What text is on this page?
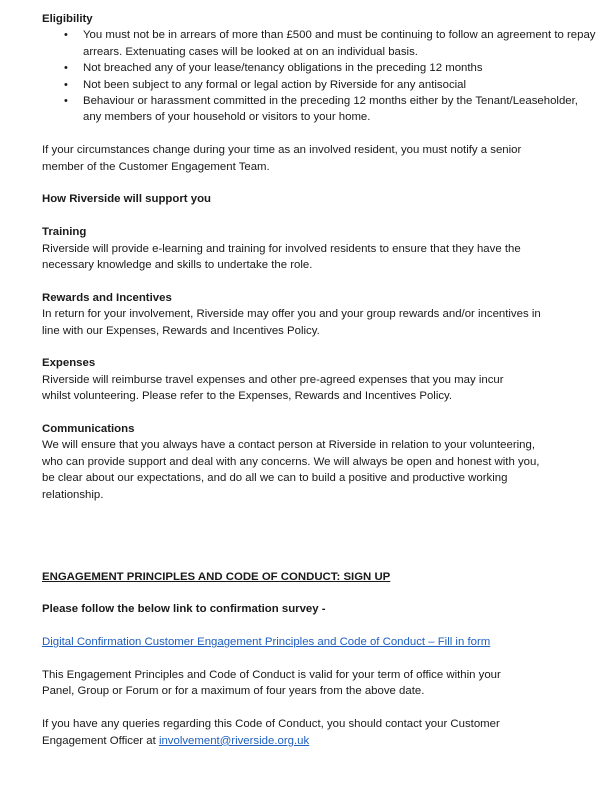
Eligibility

• You must not be in arrears of more than £500 and must be continuing to follow an agreement to repay arrears. Extenuating cases will be looked at on an individual basis.
• Not breached any of your lease/tenancy obligations in the preceding 12 months
• Not been subject to any formal or legal action by Riverside for any antisocial
• Behaviour or harassment committed in the preceding 12 months either by the Tenant/Leaseholder, any members of your household or visitors to your home.

If your circumstances change during your time as an involved resident, you must notify a senior member of the Customer Engagement Team.

How Riverside will support you

Training

Riverside will provide e-learning and training for involved residents to ensure that they have the necessary knowledge and skills to undertake the role.

Rewards and Incentives

In return for your involvement, Riverside may offer you and your group rewards and/or incentives in line with our Expenses, Rewards and Incentives Policy.

Expenses

Riverside will reimburse travel expenses and other pre-agreed expenses that you may incur whilst volunteering. Please refer to the Expenses, Rewards and Incentives Policy.

Communications

We will ensure that you always have a contact person at Riverside in relation to your volunteering, who can provide support and deal with any concerns. We will always be open and honest with you, be clear about our expectations, and do all we can to build a positive and productive working relationship.

ENGAGEMENT PRINCIPLES AND CODE OF CONDUCT: SIGN UP

Please follow the below link to confirmation survey -

Digital Confirmation Customer Engagement Principles and Code of Conduct – Fill in form

This Engagement Principles and Code of Conduct is valid for your term of office within your Panel, Group or Forum or for a maximum of four years from the above date.

If you have any queries regarding this Code of Conduct, you should contact your Customer Engagement Officer at involvement@riverside.org.uk
